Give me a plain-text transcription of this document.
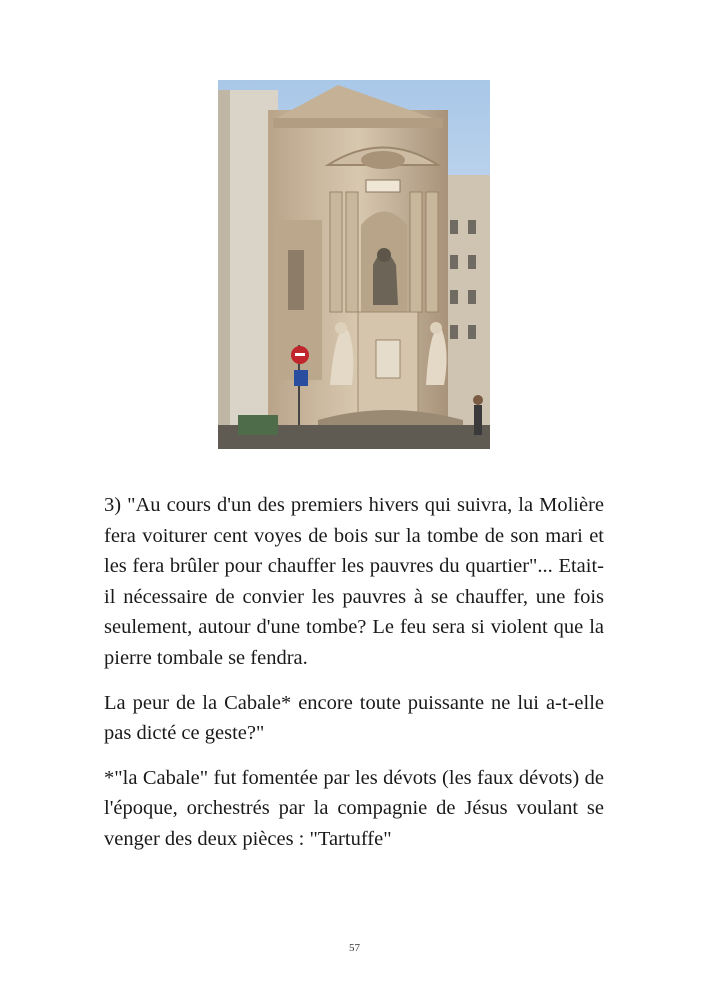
3) "Au cours d'un des premiers hivers qui suivra, la Molière fera voiturer cent voyes de bois sur la tombe de son mari et les fera brûler pour chauffer les pauvres du quartier"... Etait-il nécessaire de convier les pauvres à se chauffer, une fois seulement, autour d'une tombe? Le feu sera si violent que la pierre tombale se fendra.

La peur de la Cabale* encore toute puissante ne lui a-t-elle pas dicté ce geste?"

*"la Cabale" fut fomentée par les dévots (les faux dévots) de l'époque, orchestrés par la compagnie de Jésus voulant se venger des deux pièces : "Tartuffe"

57
